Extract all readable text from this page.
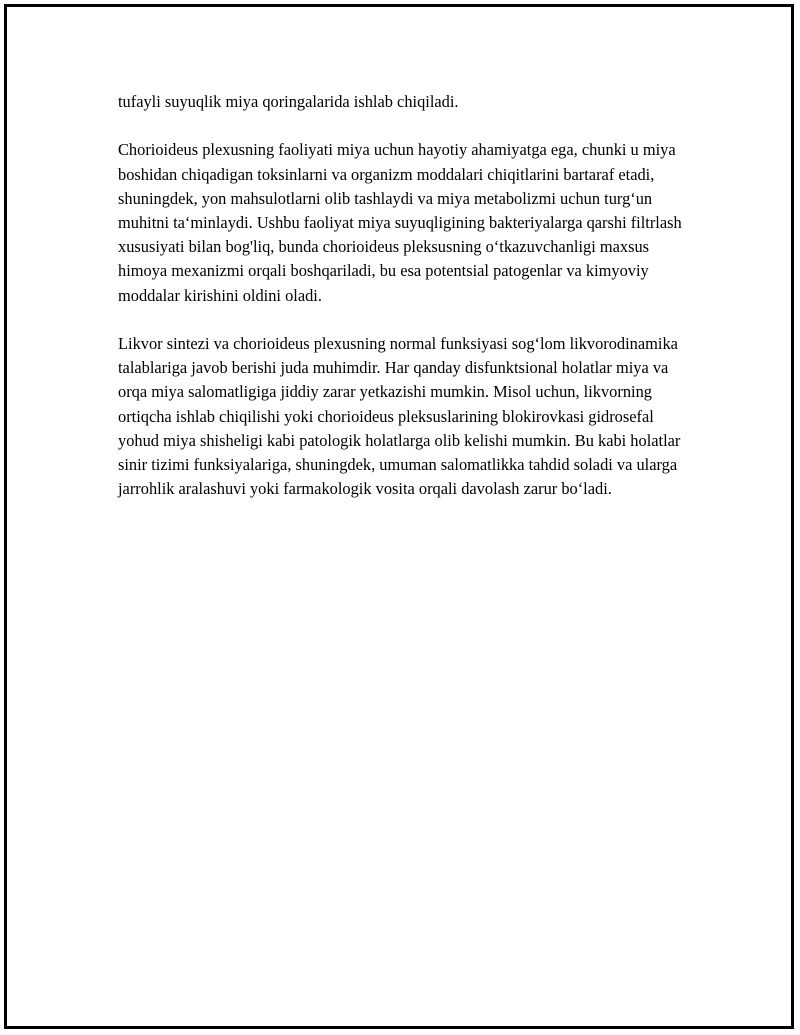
tufayli suyuqlik miya qoringalarida ishlab chiqiladi.

Chorioideus plexusning faoliyati miya uchun hayotiy ahamiyatga ega, chunki u miya boshidan chiqadigan toksinlarni va organizm moddalari chiqitlarini bartaraf etadi, shuningdek, yon mahsulotlarni olib tashlaydi va miya metabolizmi uchun turg‘un muhitni ta‘minlaydi. Ushbu faoliyat miya suyuqligining bakteriyalarga qarshi filtrlash xususiyati bilan bog'liq, bunda chorioideus pleksusning o‘tkazuvchanligi maxsus himoya mexanizmi orqali boshqariladi, bu esa potentsial patogenlar va kimyoviy moddalar kirishini oldini oladi.

Likvor sintezi va chorioideus plexusning normal funksiyasi sog‘lom likvorodinamika talablariga javob berishi juda muhimdir. Har qanday disfunktsional holatlar miya va orqa miya salomatligiga jiddiy zarar yetkazishi mumkin. Misol uchun, likvorning ortiqcha ishlab chiqilishi yoki chorioideus pleksuslarining blokirovkasi gidrosefal yohud miya shisheligi kabi patologik holatlarga olib kelishi mumkin. Bu kabi holatlar sinir tizimi funksiyalariga, shuningdek, umuman salomatlikka tahdid soladi va ularga jarrohlik aralashuvi yoki farmakologik vosita orqali davolash zarur bo‘ladi.
